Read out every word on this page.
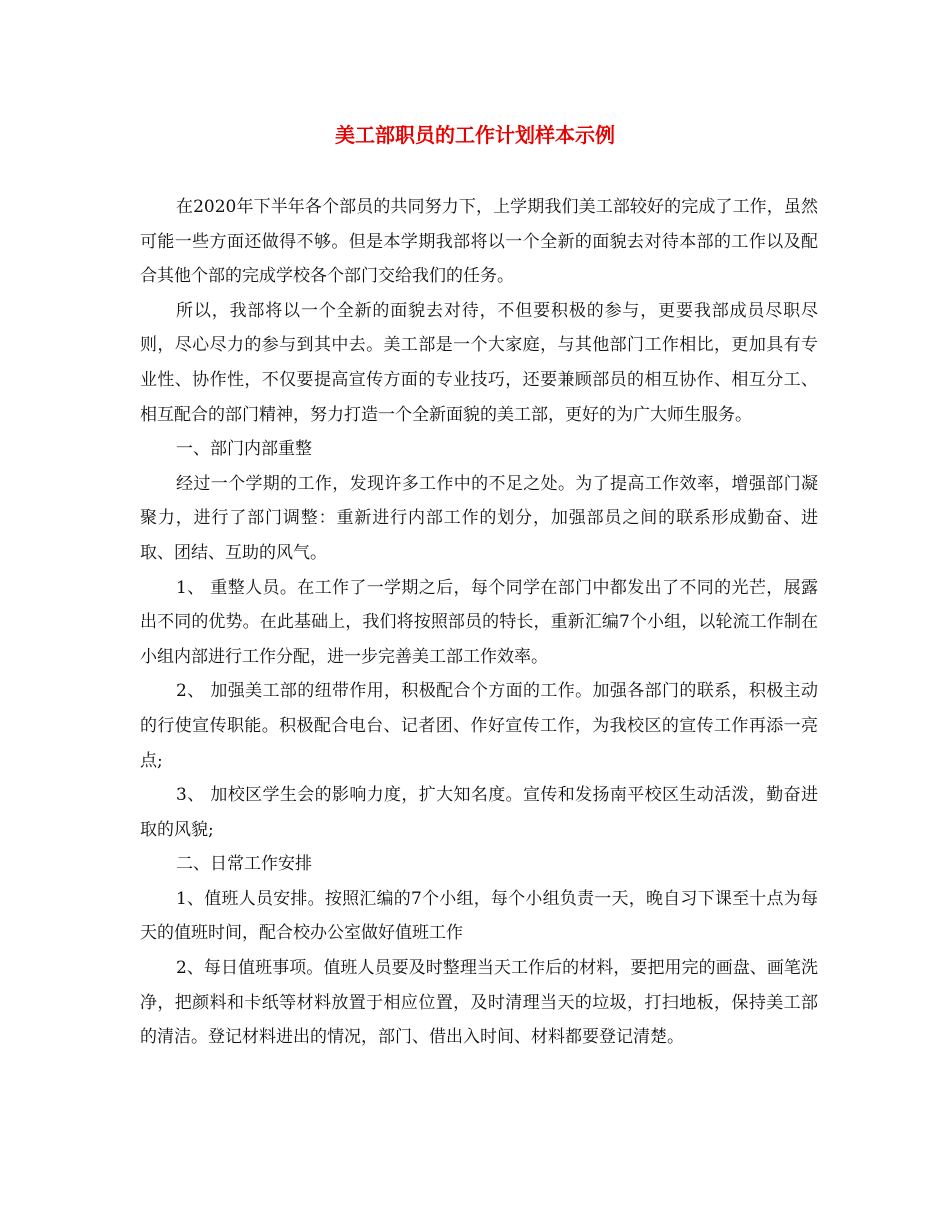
美工部职员的工作计划样本示例

在2020年下半年各个部员的共同努力下，上学期我们美工部较好的完成了工作，虽然可能一些方面还做得不够。但是本学期我部将以一个全新的面貌去对待本部的工作以及配合其他个部的完成学校各个部门交给我们的任务。

所以，我部将以一个全新的面貌去对待，不但要积极的参与，更要我部成员尽职尽则，尽心尽力的参与到其中去。美工部是一个大家庭，与其他部门工作相比，更加具有专业性、协作性，不仅要提高宣传方面的专业技巧，还要兼顾部员的相互协作、相互分工、相互配合的部门精神，努力打造一个全新面貌的美工部，更好的为广大师生服务。

一、部门内部重整

经过一个学期的工作，发现许多工作中的不足之处。为了提高工作效率，增强部门凝聚力，进行了部门调整：重新进行内部工作的划分，加强部员之间的联系形成勤奋、进取、团结、互助的风气。

1、 重整人员。在工作了一学期之后，每个同学在部门中都发出了不同的光芒，展露出不同的优势。在此基础上，我们将按照部员的特长，重新汇编7个小组，以轮流工作制在小组内部进行工作分配，进一步完善美工部工作效率。

2、 加强美工部的纽带作用，积极配合个方面的工作。加强各部门的联系，积极主动的行使宣传职能。积极配合电台、记者团、作好宣传工作，为我校区的宣传工作再添一亮点;

3、 加校区学生会的影响力度，扩大知名度。宣传和发扬南平校区生动活泼，勤奋进取的风貌;

二、日常工作安排

1、值班人员安排。按照汇编的7个小组，每个小组负责一天，晚自习下课至十点为每天的值班时间，配合校办公室做好值班工作

2、每日值班事项。值班人员要及时整理当天工作后的材料，要把用完的画盘、画笔洗净，把颜料和卡纸等材料放置于相应位置，及时清理当天的垃圾，打扫地板，保持美工部的清洁。登记材料进出的情况，部门、借出入时间、材料都要登记清楚。
